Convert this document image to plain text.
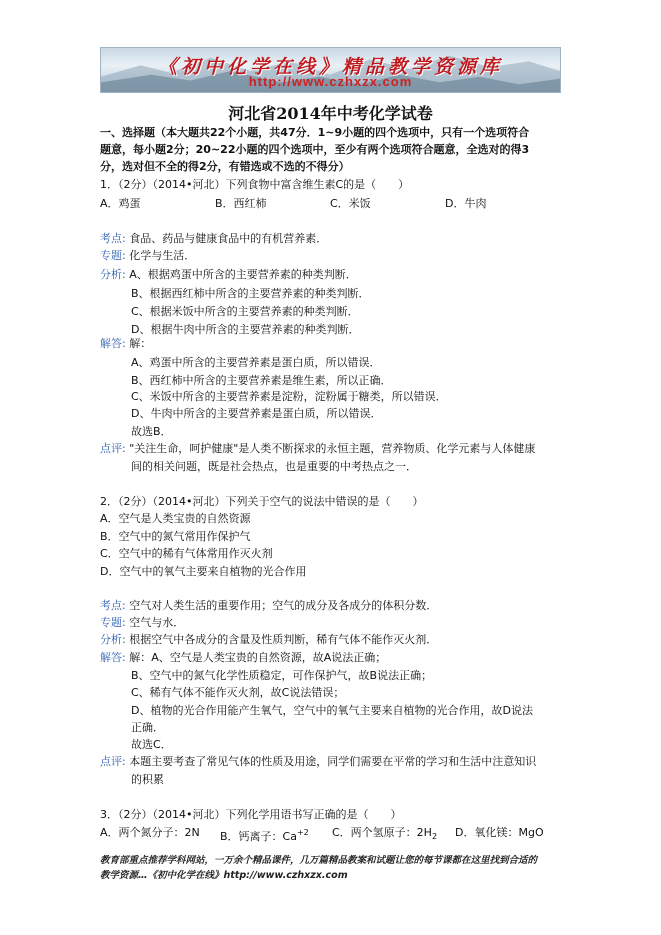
《初中化学在线》精品教学资源库
http://www.czhxzx.com
河北省2014年中考化学试卷
一、选择题（本大题共22个小题，共47分．1~9小题的四个选项中，只有一个选项符合
题意，每小题2分；20~22小题的四个选项中，至少有两个选项符合题意，全选对的得3
分，选对但不全的得2分，有错选或不选的不得分）
1．（2分）（2014•河北）下列食物中富含维生素C的是（　　）
A．鸡蛋	B．西红柿	C．米饭	D．牛肉
考点: 食品、药品与健康食品中的有机营养素．
专题: 化学与生活．
分析: A、根据鸡蛋中所含的主要营养素的种类判断．
B、根据西红柿中所含的主要营养素的种类判断．
C、根据米饭中所含的主要营养素的种类判断．
D、根据牛肉中所含的主要营养素的种类判断．
解答: 解：
A、鸡蛋中所含的主要营养素是蛋白质，所以错误．
B、西红柿中所含的主要营养素是维生素，所以正确．
C、米饭中所含的主要营养素是淀粉，淀粉属于糖类，所以错误．
D、牛肉中所含的主要营养素是蛋白质，所以错误．
故选B．
点评: "关注生命，呵护健康"是人类不断探求的永恒主题，营养物质、化学元素与人体健康
间的相关问题，既是社会热点，也是重要的中考热点之一．
2．（2分）（2014•河北）下列关于空气的说法中错误的是（　　）
A．空气是人类宝贵的自然资源
B．空气中的氮气常用作保护气
C．空气中的稀有气体常用作灭火剂
D．空气中的氧气主要来自植物的光合作用
考点: 空气对人类生活的重要作用；空气的成分及各成分的体积分数．
专题: 空气与水．
分析: 根据空气中各成分的含量及性质判断，稀有气体不能作灭火剂．
解答: 解：A、空气是人类宝贵的自然资源，故A说法正确；
B、空气中的氮气化学性质稳定，可作保护气，故B说法正确；
C、稀有气体不能作灭火剂，故C说法错误；
D、植物的光合作用能产生氧气，空气中的氧气主要来自植物的光合作用，故D说法
正确．
故选C．
点评: 本题主要考查了常见气体的性质及用途，同学们需要在平常的学习和生活中注意知识
的积累
3．（2分）（2014•河北）下列化学用语书写正确的是（　　）
A．两个氮分子：2N B．钙离子：$Ca^{+2}$ C．两个氢原子：$2H_2$ D．氧化镁：MgO
教育部重点推荐学科网站，一万余个精品课件，几万篇精品教案和试题让您的每节课都在这里找到合适的
教学资源…《初中化学在线》http://www.czhxzx.com
